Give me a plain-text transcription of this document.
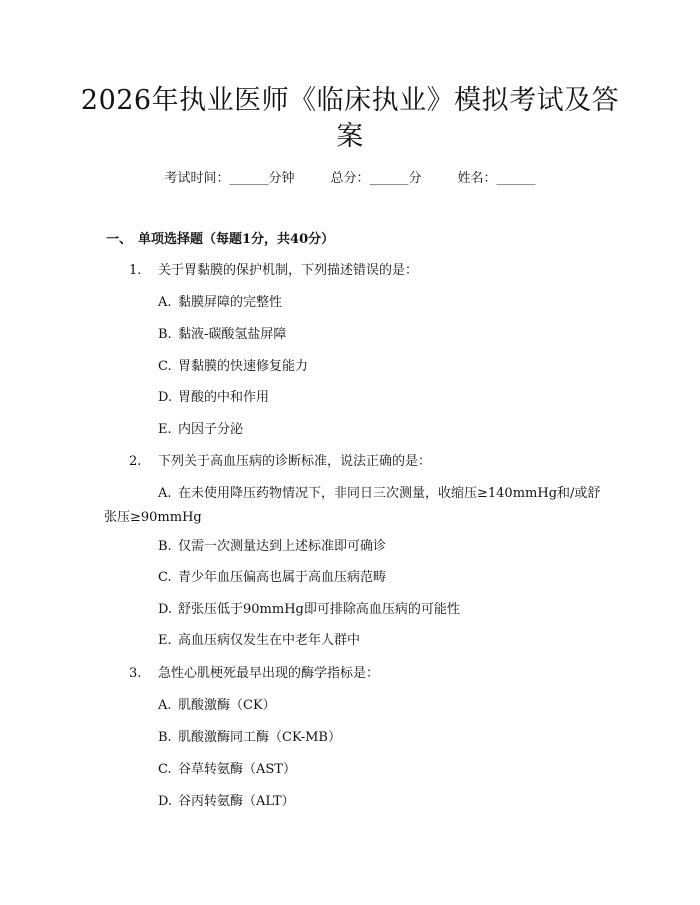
2026年执业医师《临床执业》模拟考试及答案
考试时间：______分钟	总分：______分	姓名：______
一、 单项选择题（每题1分，共40分）
1. 关于胃黏膜的保护机制，下列描述错误的是：
A. 黏膜屏障的完整性
B. 黏液-碳酸氢盐屏障
C. 胃黏膜的快速修复能力
D. 胃酸的中和作用
E. 内因子分泌
2. 下列关于高血压病的诊断标准，说法正确的是：
A. 在未使用降压药物情况下，非同日三次测量，收缩压≥140mmHg和/或舒张压≥90mmHg
B. 仅需一次测量达到上述标准即可确诊
C. 青少年血压偏高也属于高血压病范畴
D. 舒张压低于90mmHg即可排除高血压病的可能性
E. 高血压病仅发生在中老年人群中
3. 急性心肌梗死最早出现的酶学指标是：
A. 肌酸激酶（CK）
B. 肌酸激酶同工酶（CK-MB）
C. 谷草转氨酶（AST）
D. 谷丙转氨酶（ALT）
